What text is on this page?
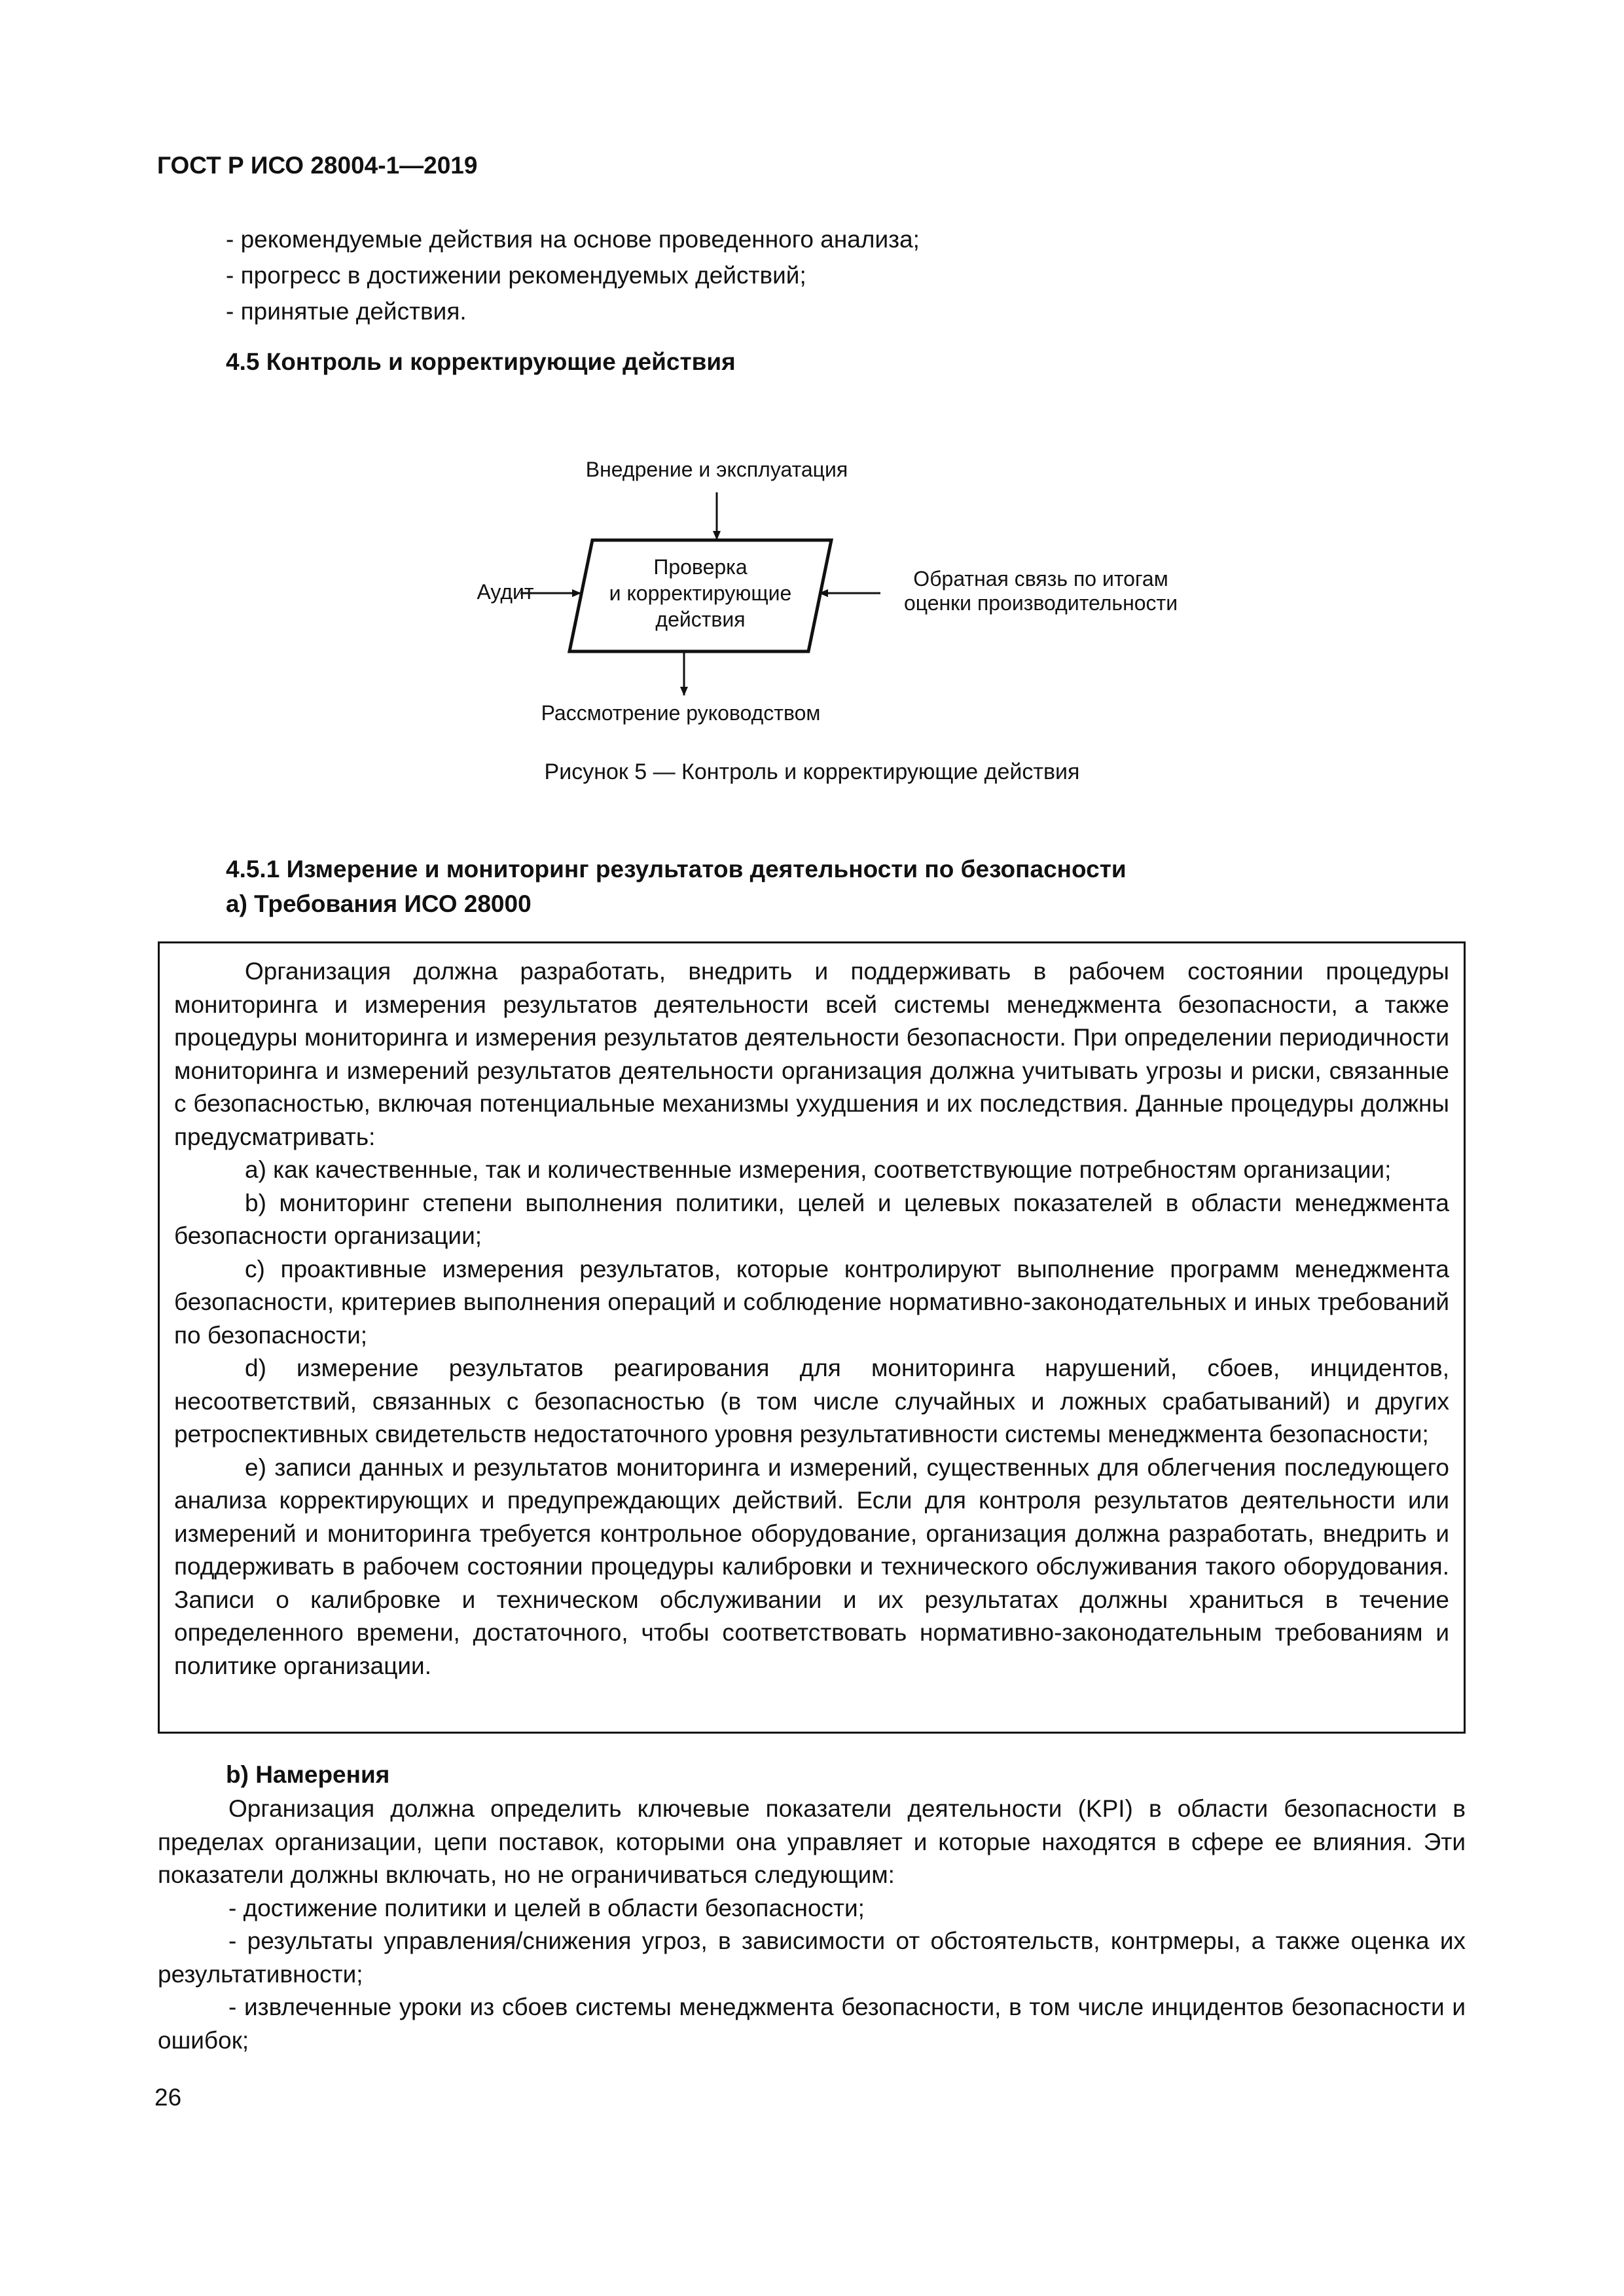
ГОСТ Р ИСО 28004-1—2019
- рекомендуемые действия на основе проведенного анализа;
- прогресс в достижении рекомендуемых действий;
- принятые действия.
4.5 Контроль и корректирующие действия
Внедрение и эксплуатация
Проверка
и корректирующие
действия
Аудит
Обратная связь по итогам
оценки производительности
Рассмотрение руководством
Рисунок 5 — Контроль и корректирующие действия
4.5.1 Измерение и мониторинг результатов деятельности по безопасности
а) Требования ИСО 28000

Организация должна разработать, внедрить и поддерживать в рабочем состоянии процедуры мониторинга и измерения результатов деятельности всей системы менеджмента безопасности, а также процедуры мониторинга и измерения результатов деятельности безопасности. При определении периодичности мониторинга и измерений результатов деятельности организация должна учитывать угрозы и риски, связанные с безопасностью, включая потенциальные механизмы ухудшения и их последствия. Данные процедуры должны предусматривать:

a) как качественные, так и количественные измерения, соответствующие потребностям организации;

b) мониторинг степени выполнения политики, целей и целевых показателей в области менеджмента безопасности организации;

c) проактивные измерения результатов, которые контролируют выполнение программ менеджмента безопасности, критериев выполнения операций и соблюдение нормативно-законодательных и иных требований по безопасности;

d) измерение результатов реагирования для мониторинга нарушений, сбоев, инцидентов, несоответствий, связанных с безопасностью (в том числе случайных и ложных срабатываний) и других ретроспективных свидетельств недостаточного уровня результативности системы менеджмента безопасности;

e) записи данных и результатов мониторинга и измерений, существенных для облегчения последующего анализа корректирующих и предупреждающих действий. Если для контроля результатов деятельности или измерений и мониторинга требуется контрольное оборудование, организация должна разработать, внедрить и поддерживать в рабочем состоянии процедуры калибровки и технического обслуживания такого оборудования. Записи о калибровке и техническом обслуживании и их результатах должны храниться в течение определенного времени, достаточного, чтобы соответствовать нормативно-законодательным требованиям и политике организации.

b) Намерения

Организация должна определить ключевые показатели деятельности (KPI) в области безопасности в пределах организации, цепи поставок, которыми она управляет и которые находятся в сфере ее влияния. Эти показатели должны включать, но не ограничиваться следующим:

- достижение политики и целей в области безопасности;

- результаты управления/снижения угроз, в зависимости от обстоятельств, контрмеры, а также оценка их результативности;

- извлеченные уроки из сбоев системы менеджмента безопасности, в том числе инцидентов безопасности и ошибок;

26
